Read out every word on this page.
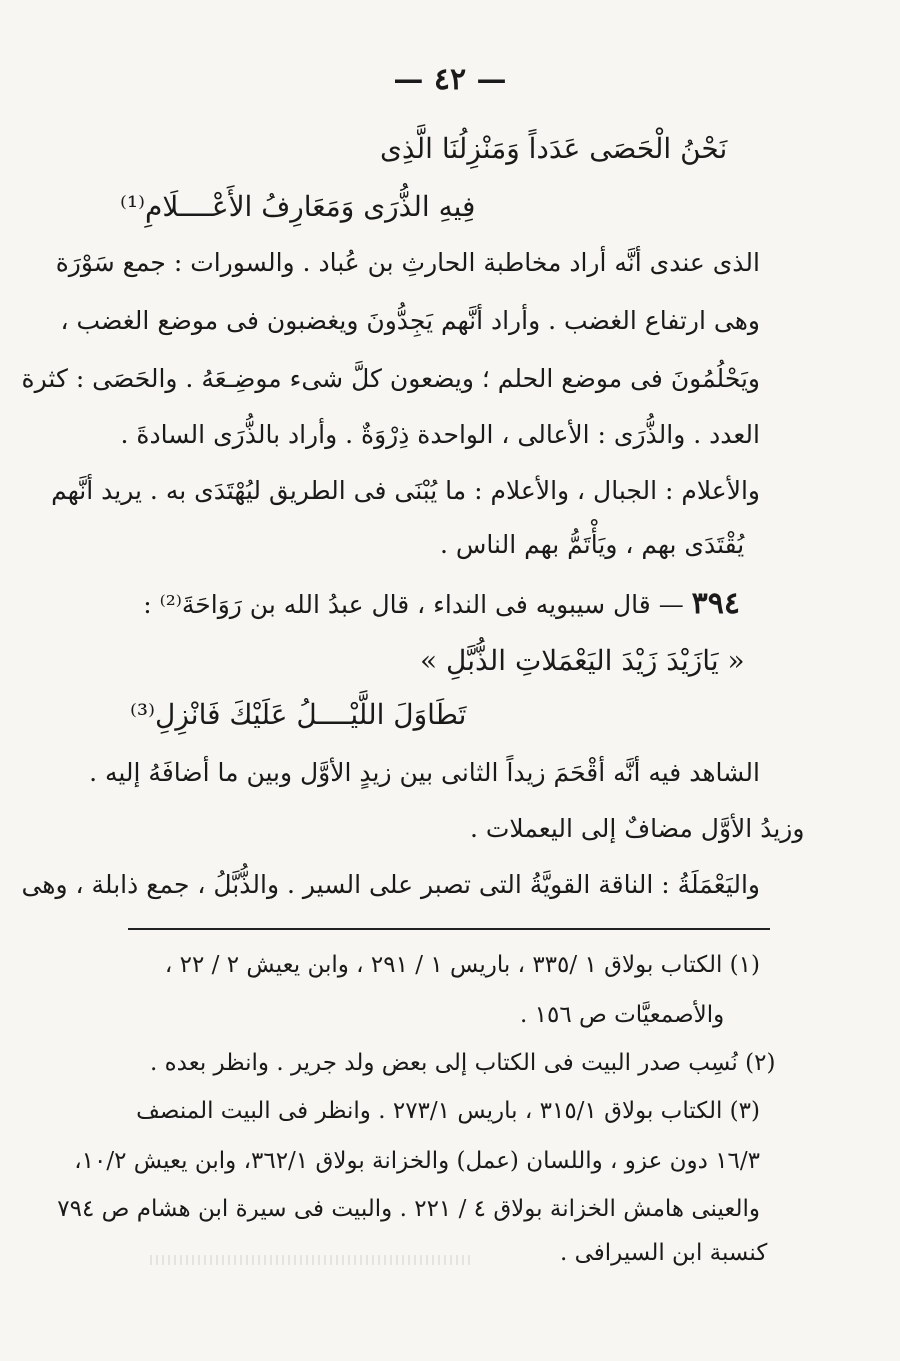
— ٤٢ —
نَحْنُ الْحَصَى عَدَداً وَمَنْزِلُنَا الَّذِى
فِيهِ الذُّرَى وَمَعَارِفُ الأَعْــــلَامِ⁽¹⁾
الذى عندى أنَّه أراد مخاطبة الحارثِ بن عُباد . والسورات : جمع سَوْرَة
وهى ارتفاع الغضب . وأراد أنَّهم يَجِدُّونَ ويغضبون فى موضع الغضب ،
ويَحْلُمُونَ فى موضع الحلم ؛ ويضعون كلَّ شىء موضِـعَهُ . والحَصَى : كثرة
العدد . والذُّرَى : الأعالى ، الواحدة ذِرْوَةٌ . وأراد بالذُّرَى السادةَ .
والأعلام : الجبال ، والأعلام : ما يُبْنَى فى الطريق ليُهْتَدَى به . يريد أنَّهم
يُقْتَدَى بهم ، ويَأْتَمُّ بهم الناس .
٣٩٤ — قال سيبويه فى النداء ، قال عبدُ الله بن رَوَاحَةَ⁽²⁾ :
« يَازَيْدَ زَيْدَ اليَعْمَلاتِ الذُّبَّلِ »
تَطَاوَلَ اللَّيْــــلُ عَلَيْكَ فَانْزِلِ⁽³⁾
الشاهد فيه أنَّه أقْحَمَ زيداً الثانى بين زيدٍ الأوَّل وبين ما أضافَهُ إليه .
وزيدُ الأوَّل مضافٌ إلى اليعملات .
واليَعْمَلَةُ : الناقة القويَّةُ التى تصبر على السير . والذُّبَّلُ ، جمع ذابلة ، وهى
(١) الكتاب بولاق ١ /٣٣٥ ، باريس ١ / ٢٩١ ، وابن يعيش ٢ / ٢٢ ،
والأصمعيَّات ص ١٥٦ .
(٢) نُسِب صدر البيت فى الكتاب إلى بعض ولد جرير . وانظر بعده .
(٣) الكتاب بولاق ٣١٥/١ ، باريس ٢٧٣/١ . وانظر فى البيت المنصف
١٦/٣ دون عزو ، واللسان (عمل) والخزانة بولاق ٣٦٢/١، وابن يعيش ١٠/٢،
والعينى هامش الخزانة بولاق ٤ / ٢٢١ . والبيت فى سيرة ابن هشام ص ٧٩٤
كنسبة ابن السيرافى .
